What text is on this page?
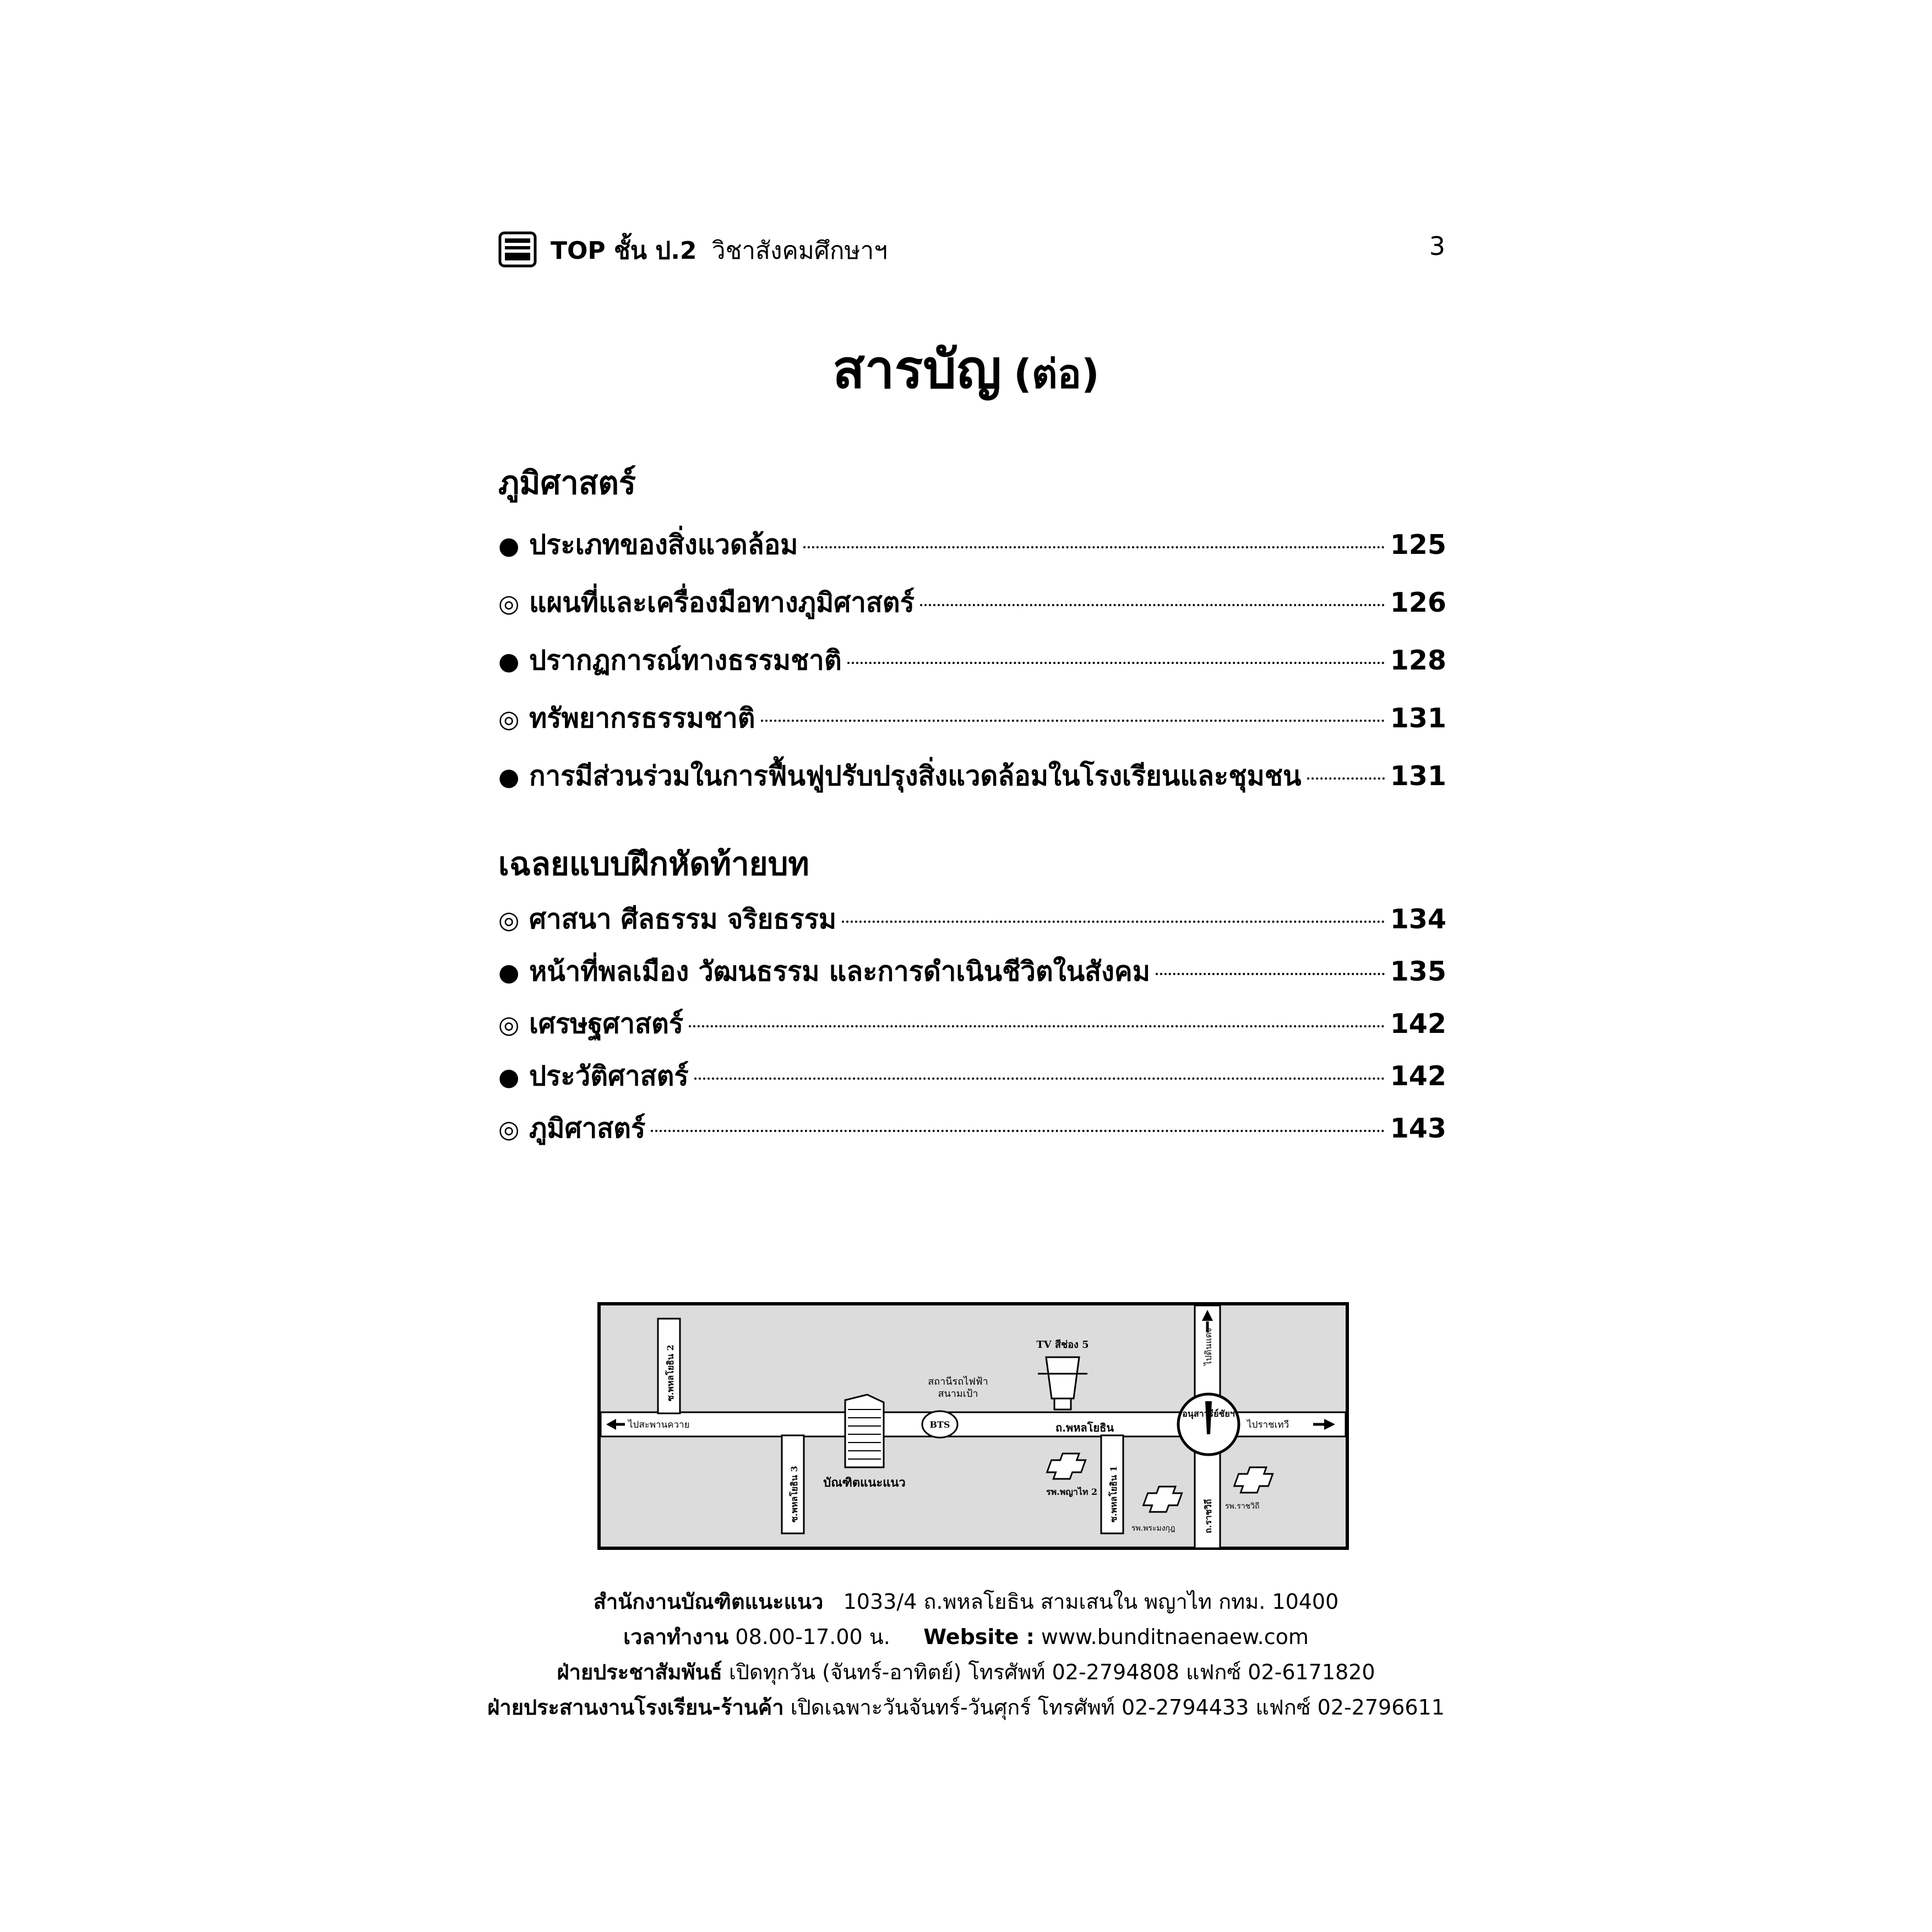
TOP ชั้น ป.2 วิชาสังคมศึกษาฯ	3
สารบัญ (ต่อ)
ภูมิศาสตร์
● ประเภทของสิ่งแวดล้อม	125
◎ แผนที่และเครื่องมือทางภูมิศาสตร์	126
● ปรากฏการณ์ทางธรรมชาติ	128
◎ ทรัพยากรธรรมชาติ	131
● การมีส่วนร่วมในการฟื้นฟูปรับปรุงสิ่งแวดล้อมในโรงเรียนและชุมชน	131
เฉลยแบบฝึกหัดท้ายบท
◎ ศาสนา ศีลธรรม จริยธรรม	134
● หน้าที่พลเมือง วัฒนธรรม และการดำเนินชีวิตในสังคม	135
◎ เศรษฐศาสตร์	142
● ประวัติศาสตร์	142
◎ ภูมิศาสตร์	143
ซ.พหลโยธิน 2
ซ.พหลโยธิน 3	ซ.พหลโยธิน 1	ถ.ราชวิถี
ไปดินแดง
ไปสะพานควาย	ไปราชเทวี
สถานีรถไฟฟ้า
สนามเป้า
BTS
บัณฑิตแนะแนว
TV สีช่อง 5
ถ.พหลโยธิน
อนุสาวรีย์ชัยฯ
รพ.พญาไท 2
รพ.พระมงกุฎ
รพ.ราชวิถี
สำนักงานบัณฑิตแนะแนว 1033/4 ถ.พหลโยธิน สามเสนใน พญาไท กทม. 10400
เวลาทำงาน 08.00-17.00 น. Website : www.bunditnaenaew.com
ฝ่ายประชาสัมพันธ์ เปิดทุกวัน (จันทร์-อาทิตย์) โทรศัพท์ 02-2794808 แฟกซ์ 02-6171820
ฝ่ายประสานงานโรงเรียน-ร้านค้า เปิดเฉพาะวันจันทร์-วันศุกร์ โทรศัพท์ 02-2794433 แฟกซ์ 02-2796611
